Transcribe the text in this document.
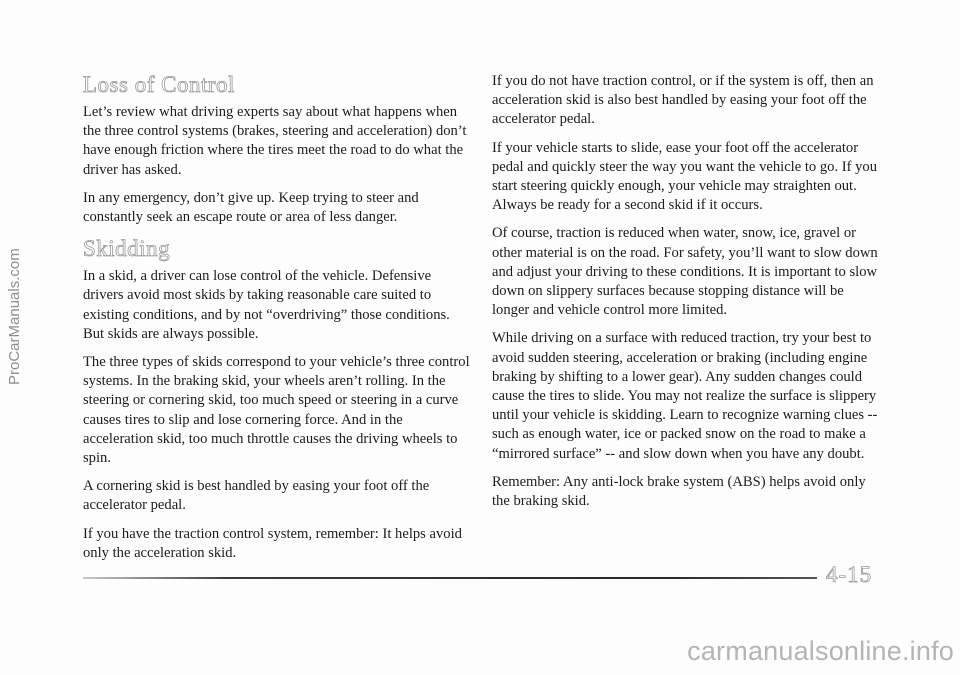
Loss of Control

Let’s review what driving experts say about what happens when the three control systems (brakes, steering and acceleration) don’t have enough friction where the tires meet the road to do what the driver has asked.

In any emergency, don’t give up. Keep trying to steer and constantly seek an escape route or area of less danger.

Skidding

In a skid, a driver can lose control of the vehicle. Defensive drivers avoid most skids by taking reasonable care suited to existing conditions, and by not “overdriving” those conditions. But skids are always possible.

The three types of skids correspond to your vehicle’s three control systems. In the braking skid, your wheels aren’t rolling. In the steering or cornering skid, too much speed or steering in a curve causes tires to slip and lose cornering force. And in the acceleration skid, too much throttle causes the driving wheels to spin.

A cornering skid is best handled by easing your foot off the accelerator pedal.

If you have the traction control system, remember: It helps avoid only the acceleration skid.

If you do not have traction control, or if the system is off, then an acceleration skid is also best handled by easing your foot off the accelerator pedal.

If your vehicle starts to slide, ease your foot off the accelerator pedal and quickly steer the way you want the vehicle to go. If you start steering quickly enough, your vehicle may straighten out. Always be ready for a second skid if it occurs.

Of course, traction is reduced when water, snow, ice, gravel or other material is on the road. For safety, you’ll want to slow down and adjust your driving to these conditions. It is important to slow down on slippery surfaces because stopping distance will be longer and vehicle control more limited.

While driving on a surface with reduced traction, try your best to avoid sudden steering, acceleration or braking (including engine braking by shifting to a lower gear). Any sudden changes could cause the tires to slide. You may not realize the surface is slippery until your vehicle is skidding. Learn to recognize warning clues -- such as enough water, ice or packed snow on the road to make a “mirrored surface” -- and slow down when you have any doubt.

Remember: Any anti-lock brake system (ABS) helps avoid only the braking skid.

4-15
ProCarManuals.com
carmanualsonline.info
